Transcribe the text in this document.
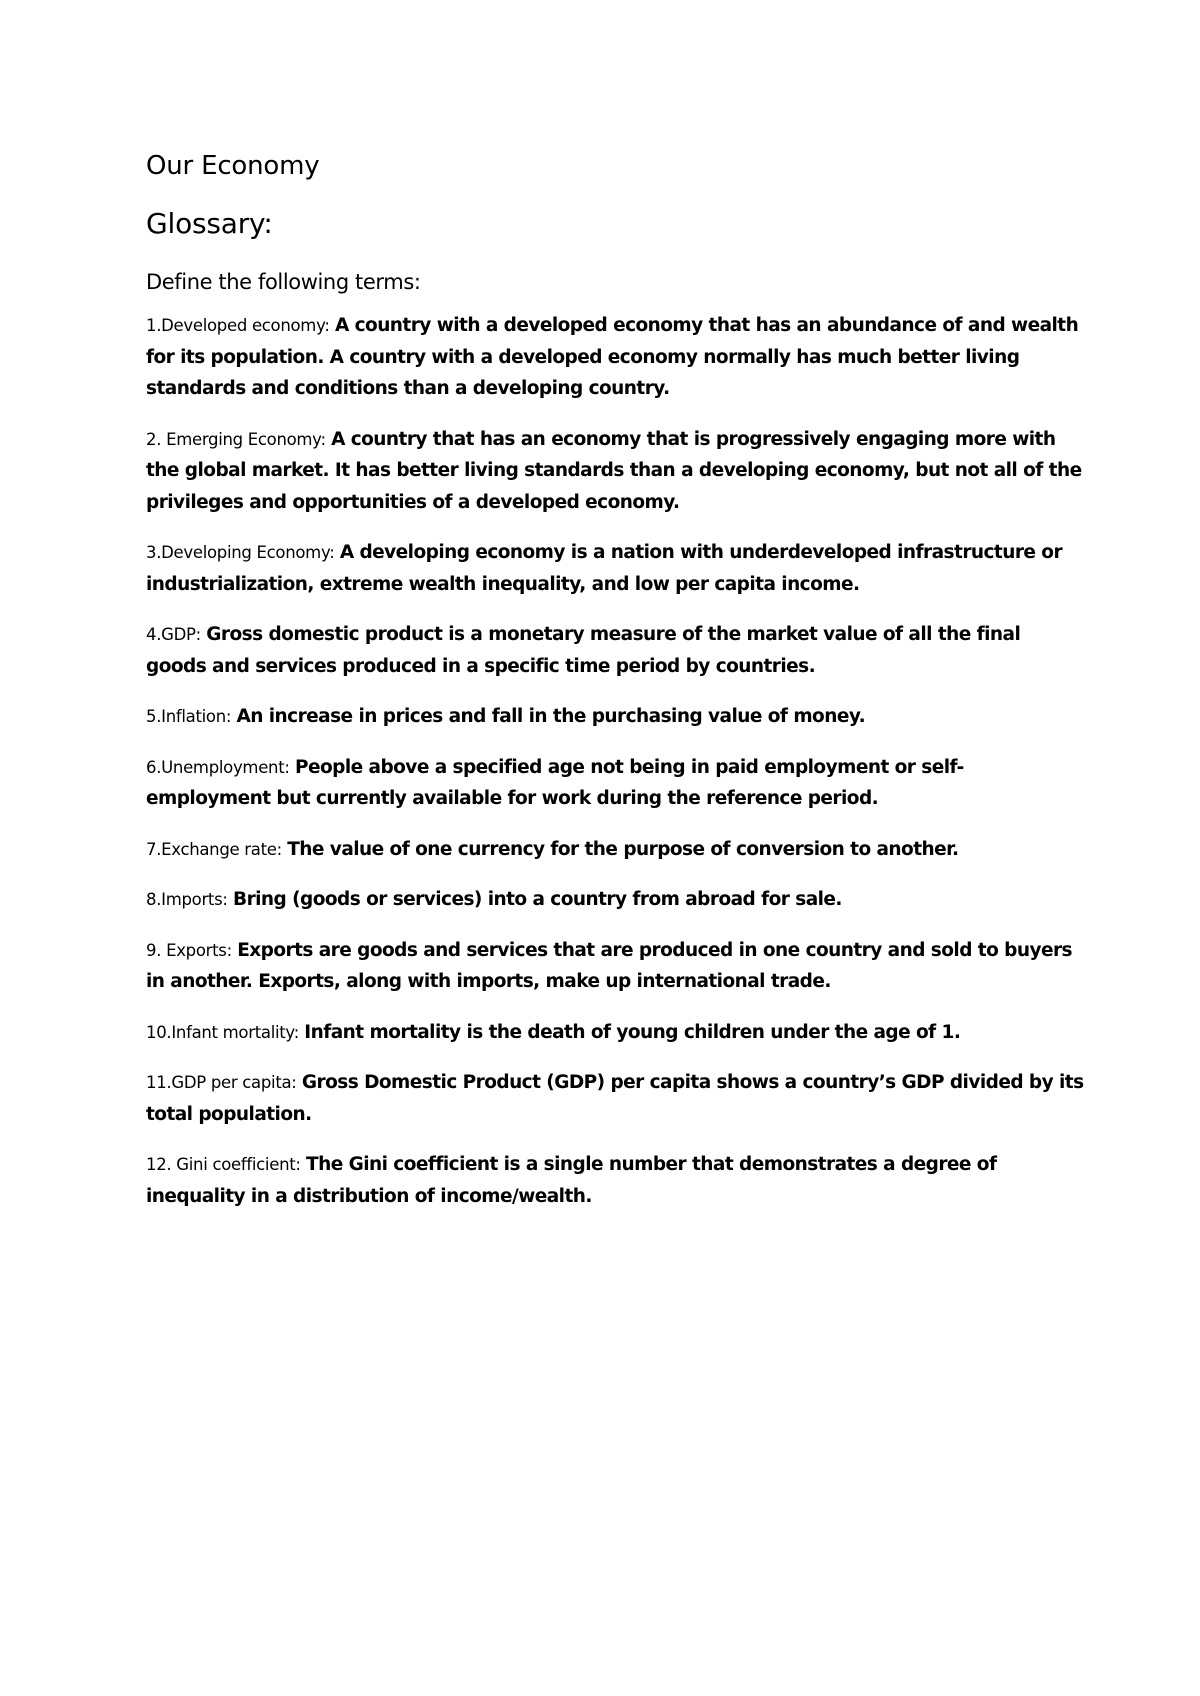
Our Economy
Glossary:

Define the following terms:

1.Developed economy: A country with a developed economy that has an abundance of and wealth for its population. A country with a developed economy normally has much better living standards and conditions than a developing country.
2. Emerging Economy: A country that has an economy that is progressively engaging more with the global market. It has better living standards than a developing economy, but not all of the privileges and opportunities of a developed economy.
3.Developing Economy: A developing economy is a nation with underdeveloped infrastructure or industrialization, extreme wealth inequality, and low per capita income.
4.GDP: Gross domestic product is a monetary measure of the market value of all the final goods and services produced in a specific time period by countries.
5.Inflation: An increase in prices and fall in the purchasing value of money.
6.Unemployment: People above a specified age not being in paid employment or self-employment but currently available for work during the reference period.
7.Exchange rate: The value of one currency for the purpose of conversion to another.
8.Imports: Bring (goods or services) into a country from abroad for sale.
9. Exports: Exports are goods and services that are produced in one country and sold to buyers in another. Exports, along with imports, make up international trade.
10.Infant mortality: Infant mortality is the death of young children under the age of 1.
11.GDP per capita: Gross Domestic Product (GDP) per capita shows a country’s GDP divided by its total population.
12. Gini coefficient: The Gini coefficient is a single number that demonstrates a degree of inequality in a distribution of income/wealth.
